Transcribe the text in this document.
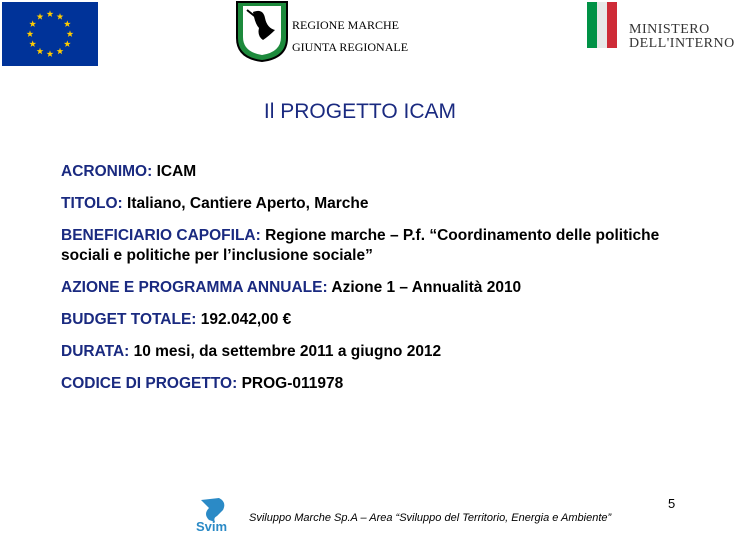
REGIONE MARCHE
GIUNTA REGIONALE
MINISTERO
DELL'INTERNO
Il PROGETTO ICAM
ACRONIMO: ICAM
TITOLO: Italiano, Cantiere Aperto, Marche
BENEFICIARIO CAPOFILA: Regione marche – P.f. “Coordinamento delle politiche sociali e politiche per l’inclusione sociale”
AZIONE E PROGRAMMA ANNUALE: Azione 1 – Annualità 2010
BUDGET TOTALE: 192.042,00 €
DURATA: 10 mesi, da settembre 2011 a giugno 2012
CODICE DI PROGETTO: PROG-011978
5
Svim
Sviluppo Marche Sp.A – Area “Sviluppo del Territorio, Energia e Ambiente”
